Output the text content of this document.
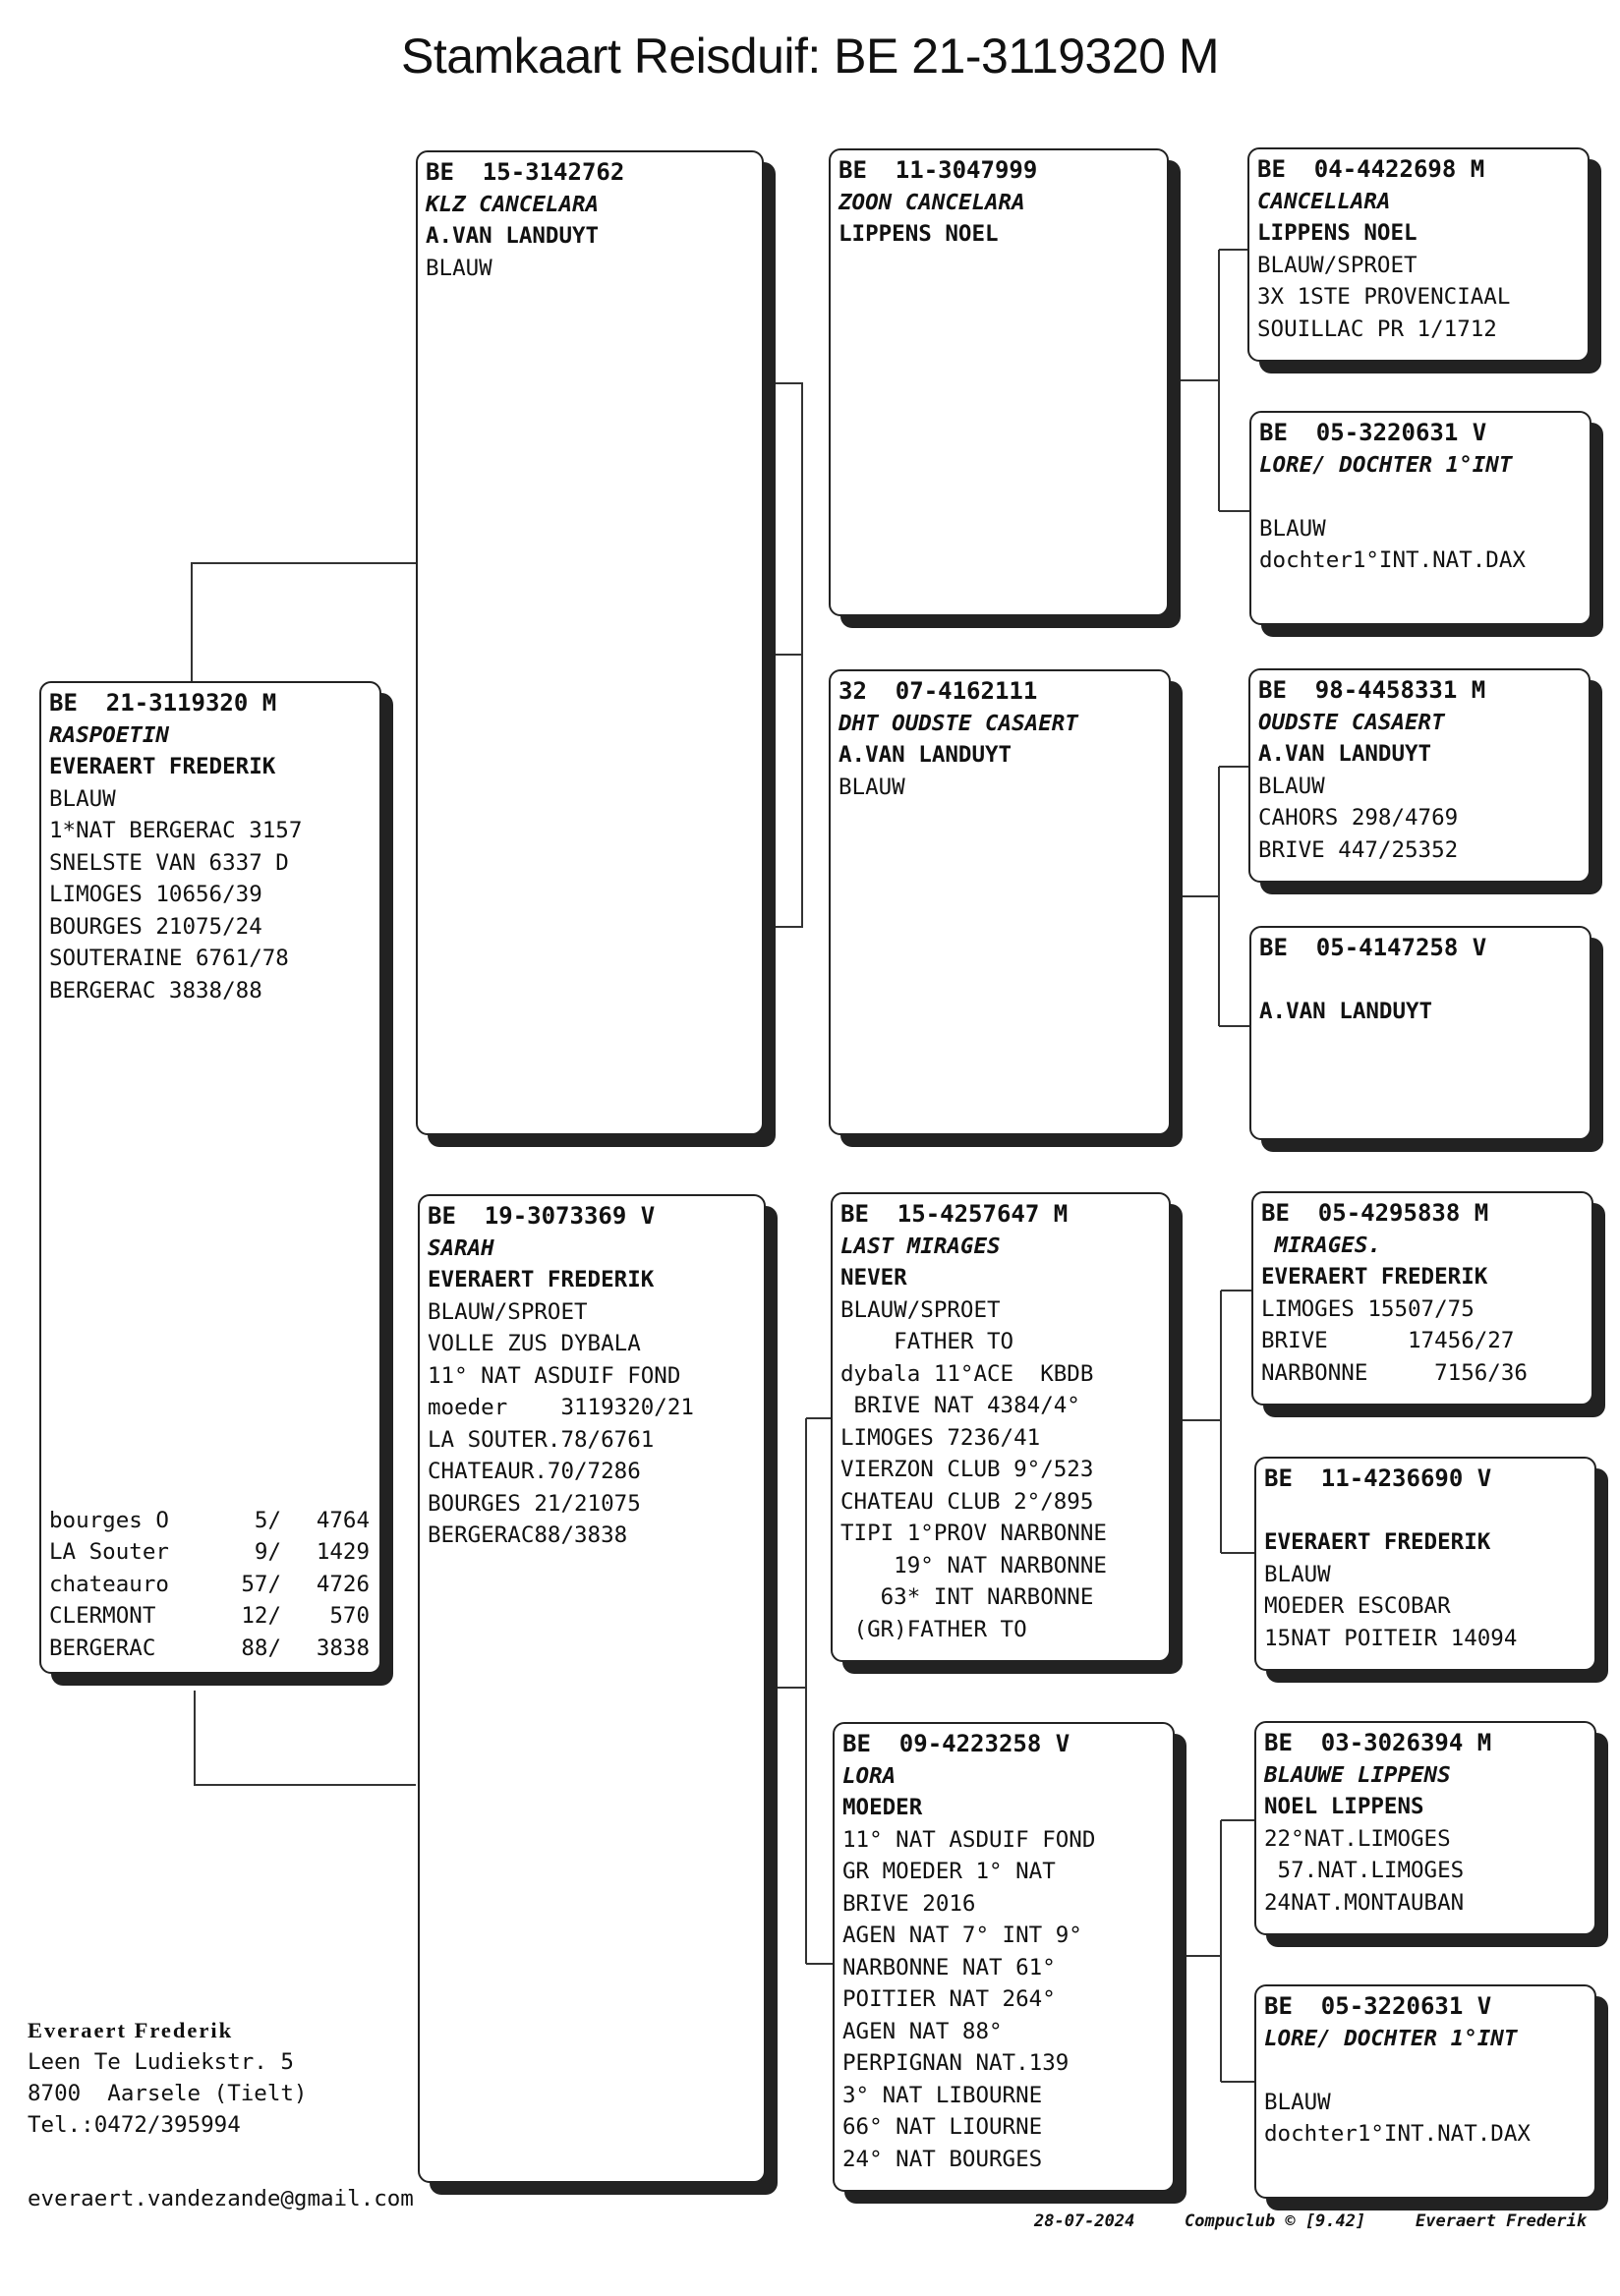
Stamkaart Reisduif: BE 21-3119320 M
BE  21-3119320 M
RASPOETIN
EVERAERT FREDERIK
BLAUW
1*NAT BERGERAC 3157
SNELSTE VAN 6337 D
LIMOGES 10656/39
BOURGES 21075/24
SOUTERAINE 6761/78
BERGERAC 3838/88
bourges O	5/	4764
LA Souter	9/	1429
chateauro	57/	4726
CLERMONT	12/	570
BERGERAC	88/	3838
BE  15-3142762
KLZ CANCELARA
A.VAN LANDUYT
BLAUW
BE  19-3073369 V
SARAH
EVERAERT FREDERIK
BLAUW/SPROET
VOLLE ZUS DYBALA
11° NAT ASDUIF FOND
moeder    3119320/21
LA SOUTER.78/6761
CHATEAUR.70/7286
BOURGES 21/21075
BERGERAC88/3838
BE  11-3047999
ZOON CANCELARA
LIPPENS NOEL
32  07-4162111
DHT OUDSTE CASAERT
A.VAN LANDUYT
BLAUW
BE  15-4257647 M
LAST MIRAGES
NEVER
BLAUW/SPROET
FATHER TO
dybala 11°ACE  KBDB
BRIVE NAT 4384/4°
LIMOGES 7236/41
VIERZON CLUB 9°/523
CHATEAU CLUB 2°/895
TIPI 1°PROV NARBONNE
19° NAT NARBONNE
63* INT NARBONNE
(GR)FATHER TO
BE  09-4223258 V
LORA
MOEDER
11° NAT ASDUIF FOND
GR MOEDER 1° NAT
BRIVE 2016
AGEN NAT 7° INT 9°
NARBONNE NAT 61°
POITIER NAT 264°
AGEN NAT 88°
PERPIGNAN NAT.139
3° NAT LIBOURNE
66° NAT LIOURNE
24° NAT BOURGES
BE  04-4422698 M
CANCELLARA
LIPPENS NOEL
BLAUW/SPROET
3X 1STE PROVENCIAAL
SOUILLAC PR 1/1712
BE  05-3220631 V
LORE/ DOCHTER 1°INT
BLAUW
dochter1°INT.NAT.DAX
BE  98-4458331 M
OUDSTE CASAERT
A.VAN LANDUYT
BLAUW
CAHORS 298/4769
BRIVE 447/25352
BE  05-4147258 V
A.VAN LANDUYT
BE  05-4295838 M
MIRAGES.
EVERAERT FREDERIK
LIMOGES 15507/75
BRIVE      17456/27
NARBONNE     7156/36
BE  11-4236690 V
EVERAERT FREDERIK
BLAUW
MOEDER ESCOBAR
15NAT POITEIR 14094
BE  03-3026394 M
BLAUWE LIPPENS
NOEL LIPPENS
22°NAT.LIMOGES
57.NAT.LIMOGES
24NAT.MONTAUBAN
BE  05-3220631 V
LORE/ DOCHTER 1°INT
BLAUW
dochter1°INT.NAT.DAX
Everaert Frederik
Leen Te Ludiekstr. 5
8700  Aarsele (Tielt)
Tel.:0472/395994
everaert.vandezande@gmail.com
28-07-2024	Compuclub © [9.42]	Everaert Frederik
